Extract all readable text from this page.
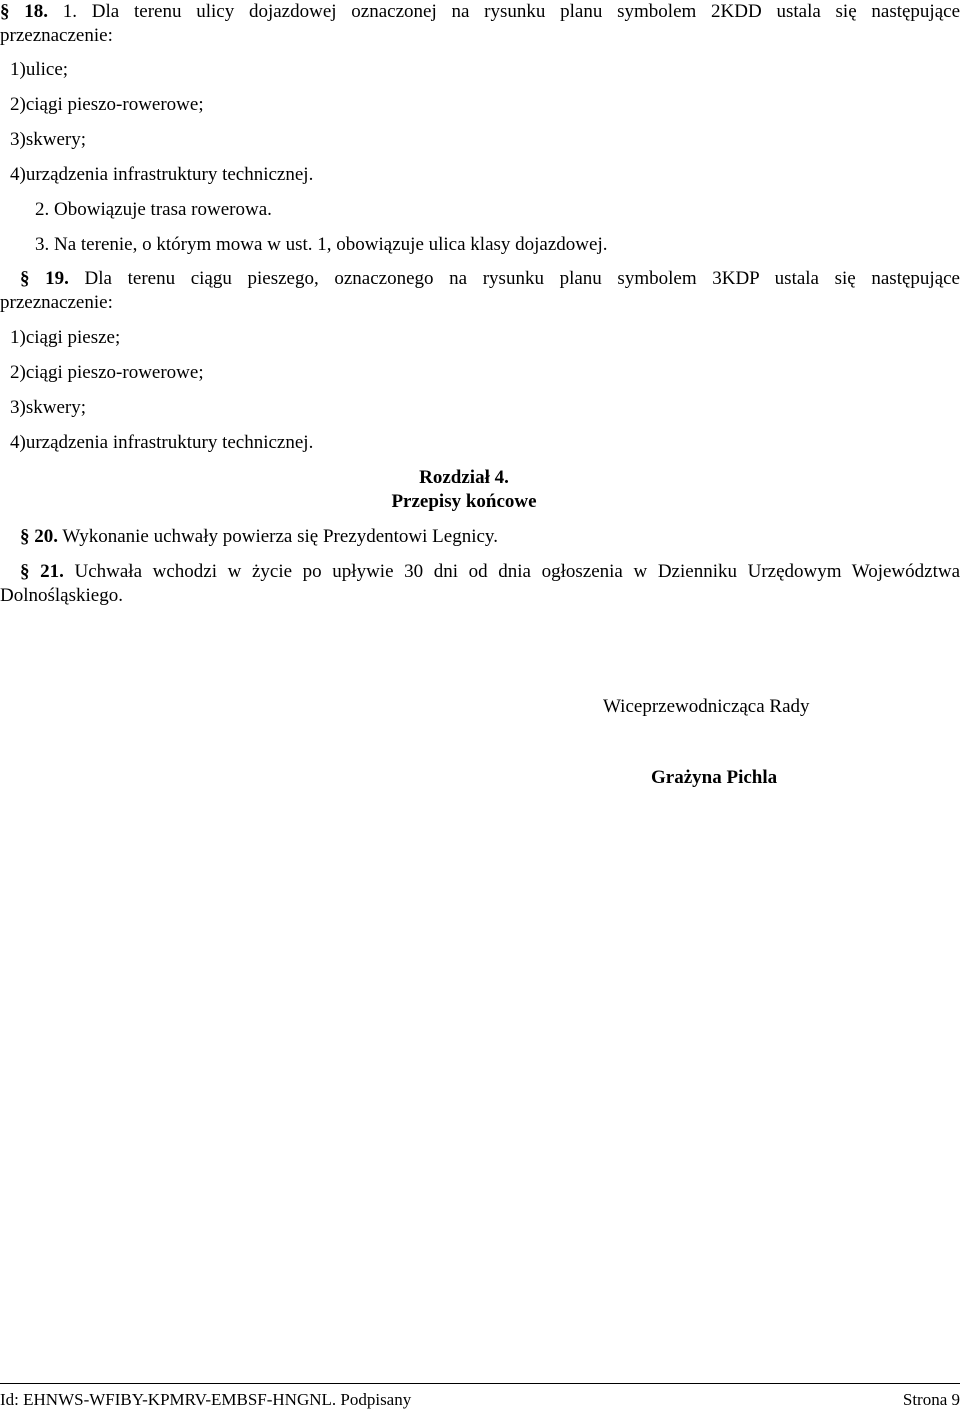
§ 18. 1. Dla terenu ulicy dojazdowej oznaczonej na rysunku planu symbolem 2KDD ustala się następujące
przeznaczenie:
1)ulice;
2)ciągi pieszo-rowerowe;
3)skwery;
4)urządzenia infrastruktury technicznej.
2. Obowiązuje trasa rowerowa.
3. Na terenie, o którym mowa w ust. 1, obowiązuje ulica klasy dojazdowej.
§ 19. Dla terenu ciągu pieszego, oznaczonego na rysunku planu symbolem 3KDP ustala się następujące
przeznaczenie:
1)ciągi piesze;
2)ciągi pieszo-rowerowe;
3)skwery;
4)urządzenia infrastruktury technicznej.
Rozdział 4.
Przepisy końcowe
§ 20. Wykonanie uchwały powierza się Prezydentowi Legnicy.
§ 21. Uchwała wchodzi w życie po upływie 30 dni od dnia ogłoszenia w Dzienniku Urzędowym Województwa
Dolnośląskiego.
Wiceprzewodnicząca Rady
Grażyna Pichla
Id: EHNWS-WFIBY-KPMRV-EMBSF-HNGNL. Podpisany	Strona 9
